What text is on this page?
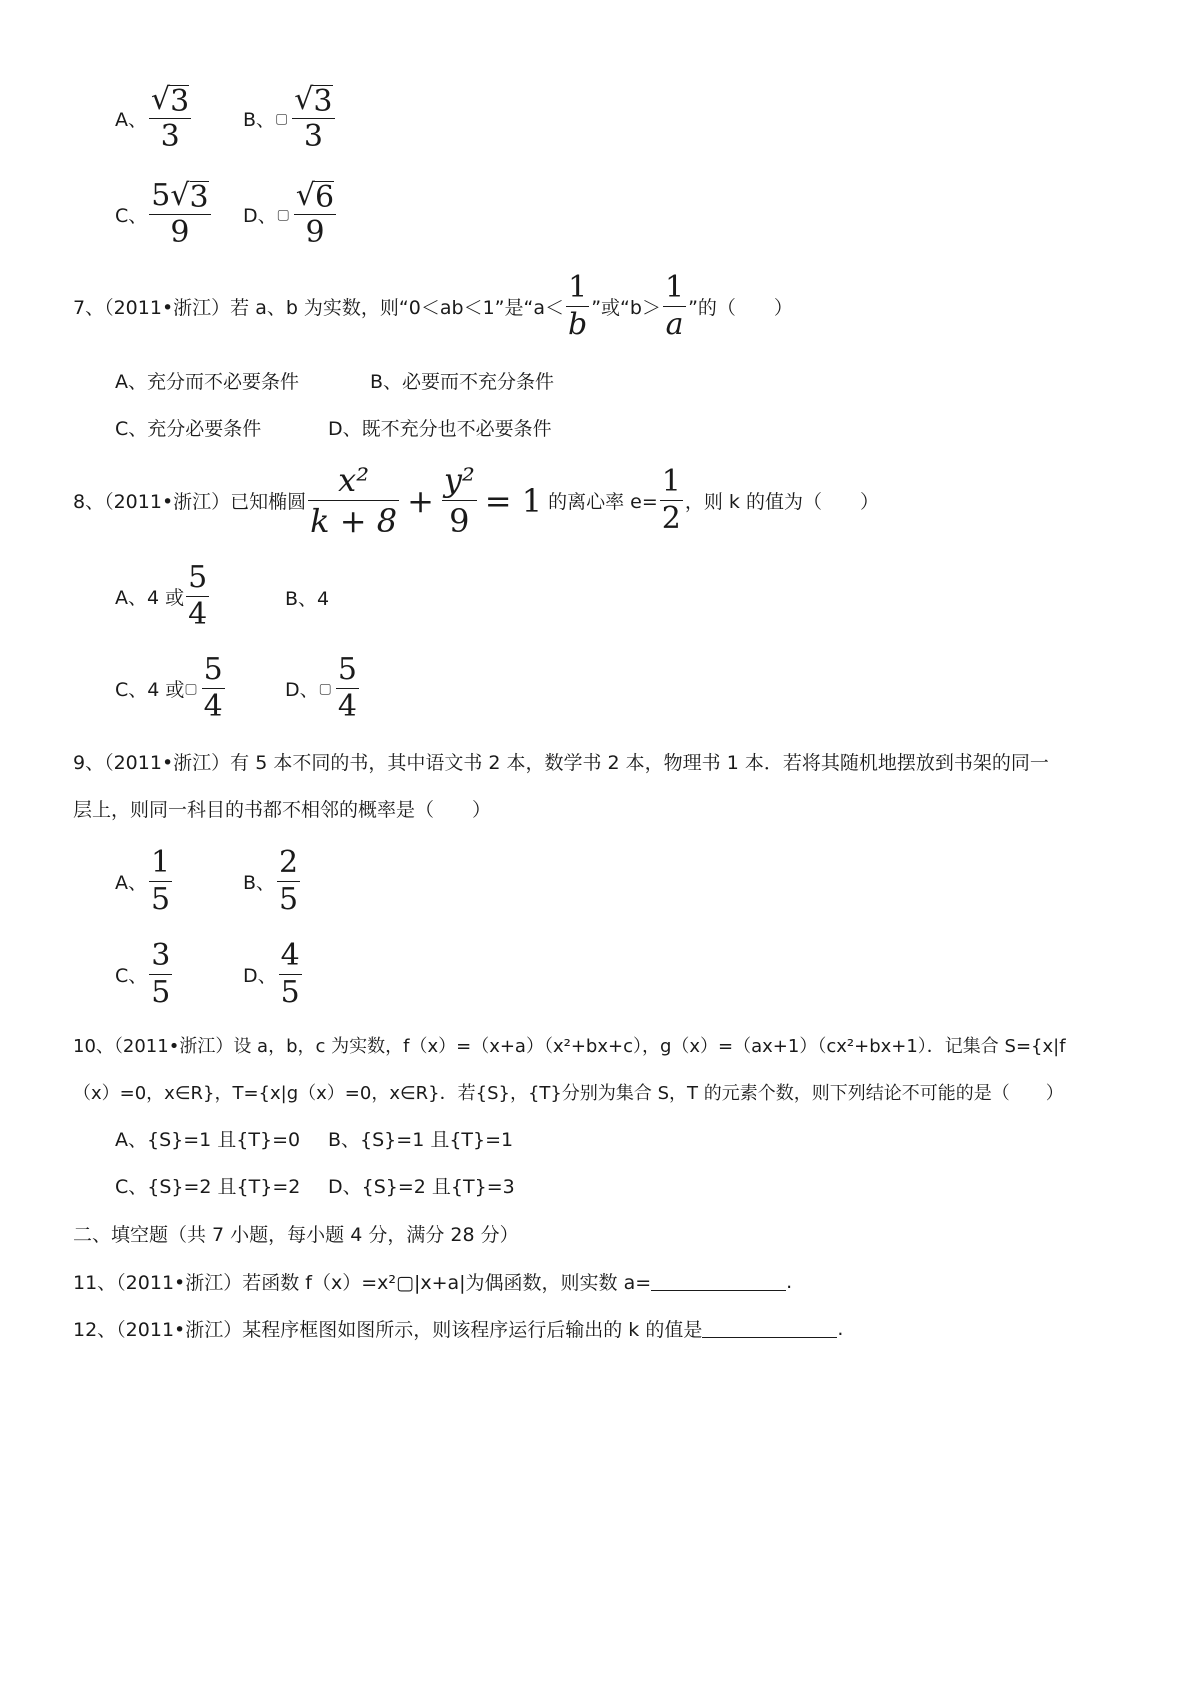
A、 $\frac{√ 3}{3}$	B、 ▢ $\frac{√ 3}{3}$
C、 $\frac{5 √ 3}{9}$ D、 ▢ $\frac{√ 6}{9}$
7、（2011•浙江）若 a、b 为实数，则“0＜ab＜1”是“$a< \frac{1}{b}$ ”或“$b> \frac{1}{a}$ ”的（　　）
A、充分而不必要条件	B、必要而不充分条件
C、充分必要条件	D、既不充分也不必要条件
8、（2011•浙江）已知椭圆 $\frac{\text{x²}}{k + 8} + \frac{\text{y²}}{9} = 1$ 的离心率 $e= \frac{1}{2}$ ，则 k 的值为（　　）
A、4 或 $\frac{5}{4}$	B、4
C、4 或 ▢ $\frac{5}{4}$	D、 ▢ $\frac{5}{4}$
9、（2011•浙江）有 5 本不同的书，其中语文书 2 本，数学书 2 本，物理书 1 本．若将其随机地摆放到书架的同一
层上，则同一科目的书都不相邻的概率是（　　）
A、 $\frac{1}{5}$	B、 $\frac{2}{5}$
C、 $\frac{3}{5}$	D、 $\frac{4}{5}$
10、（2011•浙江）设 a，b，c 为实数，f（x）=（x+a）（x²+bx+c），g（x）=（ax+1）（cx²+bx+1）．记集合 S={x|f
（x）=0，x∈R}，T={x|g（x）=0，x∈R}．若{S}，{T}分别为集合 S，T 的元素个数，则下列结论不可能的是（　　）
A、{S}=1 且{T}=0 B、{S}=1 且{T}=1
C、{S}=2 且{T}=2 D、{S}=2 且{T}=3
二、填空题（共 7 小题，每小题 4 分，满分 28 分）
11、（2011•浙江）若函数 f（x）=x²▢|x+a|为偶函数，则实数 a=	.
12、（2011•浙江）某程序框图如图所示，则该程序运行后输出的 k 的值是	.
